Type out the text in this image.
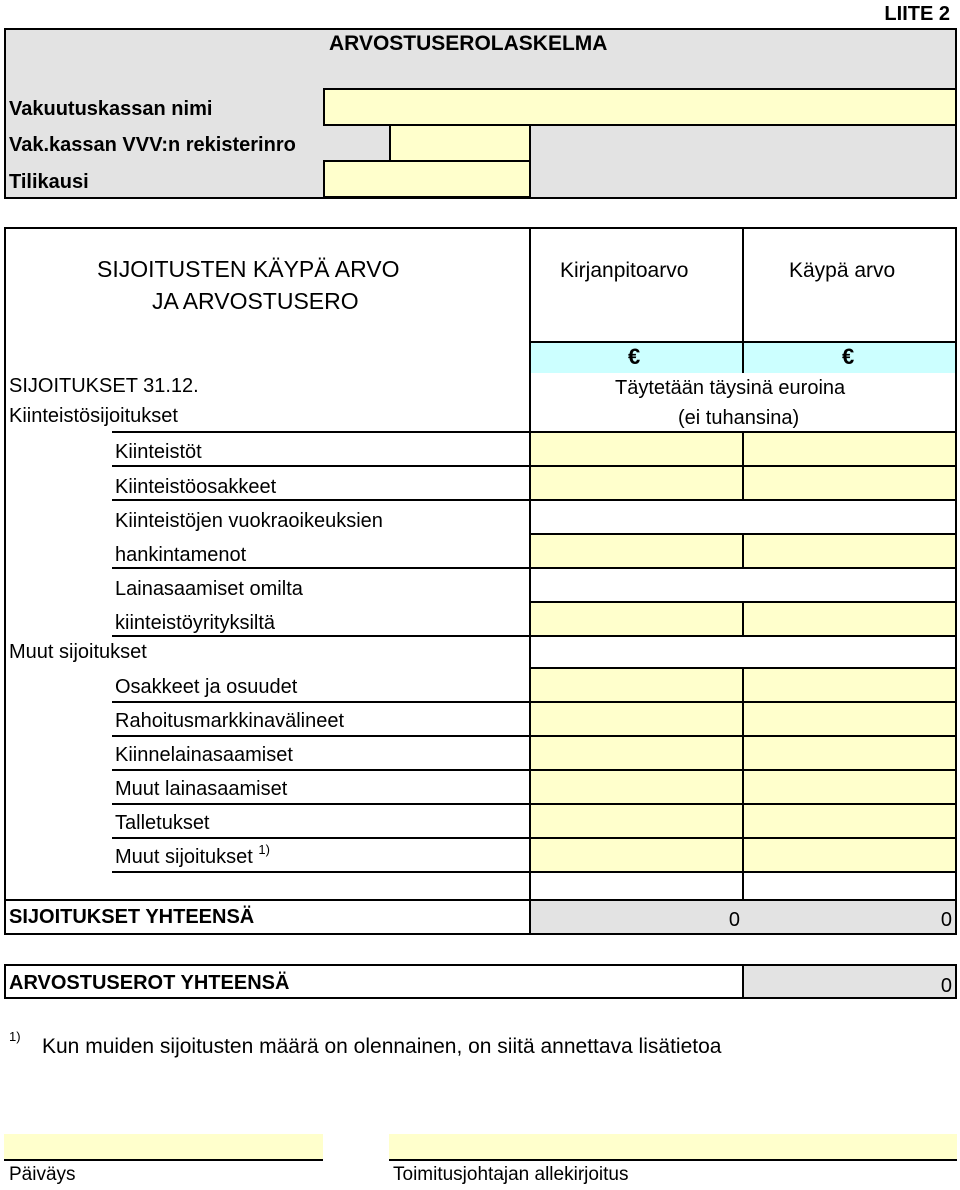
LIITE 2
ARVOSTUSEROLASKELMA
Vakuutuskassan nimi
Vak.kassan VVV:n rekisterinro
Tilikausi
SIJOITUSTEN KÄYPÄ ARVO
JA ARVOSTUSERO
Kirjanpitoarvo	Käypä arvo
€	€
Täytetään täysinä euroina
(ei tuhansina)
SIJOITUKSET 31.12.
Kiinteistösijoitukset
Kiinteistöt
Kiinteistöosakkeet
Kiinteistöjen vuokraoikeuksien
hankintamenot
Lainasaamiset omilta
kiinteistöyrityksiltä
Muut sijoitukset
Osakkeet ja osuudet
Rahoitusmarkkinavälineet
Kiinnelainasaamiset
Muut lainasaamiset
Talletukset
Muut sijoitukset $^{1)}$
SIJOITUKSET YHTEENSÄ	0	0
ARVOSTUSEROT YHTEENSÄ	0
1) Kun muiden sijoitusten määrä on olennainen, on siitä annettava lisätietoa
Päiväys	Toimitusjohtajan allekirjoitus
